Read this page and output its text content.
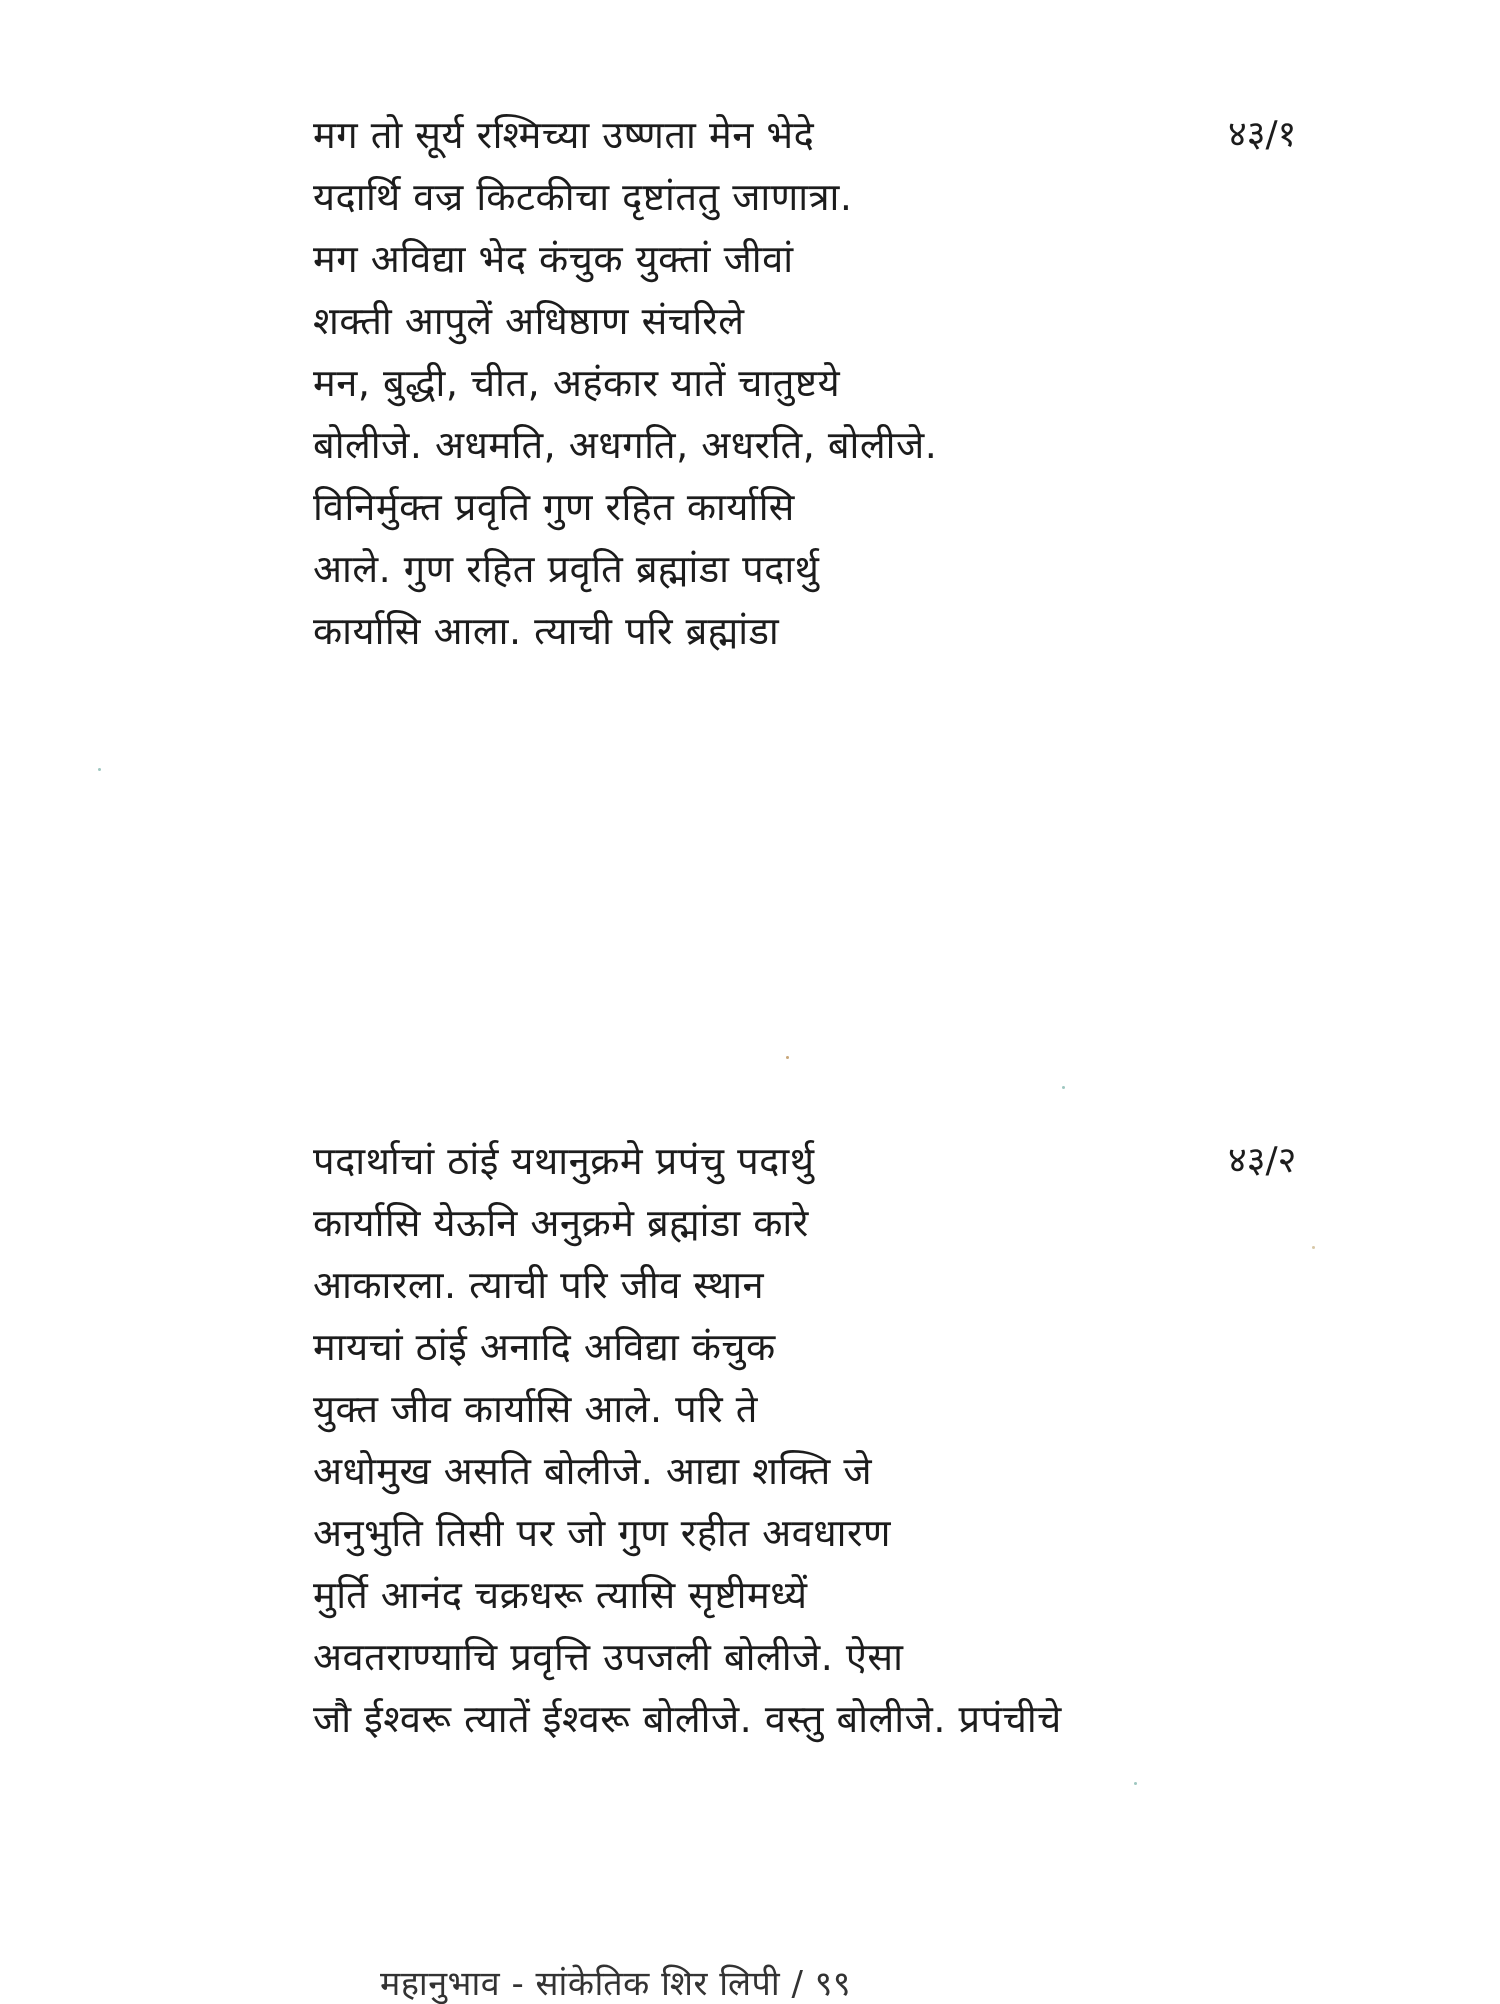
मग तो सूर्य रश्मिच्या उष्णता मेन भेदे
यदार्थि वज्र किटकीचा दृष्टांततु जाणात्रा.
मग अविद्या भेद कंचुक युक्तां जीवां
शक्ती आपुलें अधिष्ठाण संचरिले
मन, बुद्धी, चीत, अहंकार यातें चातुष्टये
बोलीजे. अधमति, अधगति, अधरति, बोलीजे.
विनिर्मुक्त प्रवृति गुण रहित कार्यासि
आले. गुण रहित प्रवृति ब्रह्मांडा पदार्थु
कार्यासि आला. त्याची परि ब्रह्मांडा
४३/१
पदार्थाचां ठांई यथानुक्रमे प्रपंचु पदार्थु
कार्यासि येऊनि अनुक्रमे ब्रह्मांडा कारे
आकारला. त्याची परि जीव स्थान
मायचां ठांई अनादि अविद्या कंचुक
युक्त जीव कार्यासि आले. परि ते
अधोमुख असति बोलीजे. आद्या शक्ति जे
अनुभुति तिसी पर जो गुण रहीत अवधारण
मुर्ति आनंद चक्रधरू त्यासि सृष्टीमध्यें
अवतराण्याचि प्रवृत्ति उपजली बोलीजे. ऐसा
जौ ईश्वरू त्यातें ईश्वरू बोलीजे. वस्तु बोलीजे. प्रपंचीचे
४३/२
महानुभाव - सांकेतिक शिर लिपी / ९९
